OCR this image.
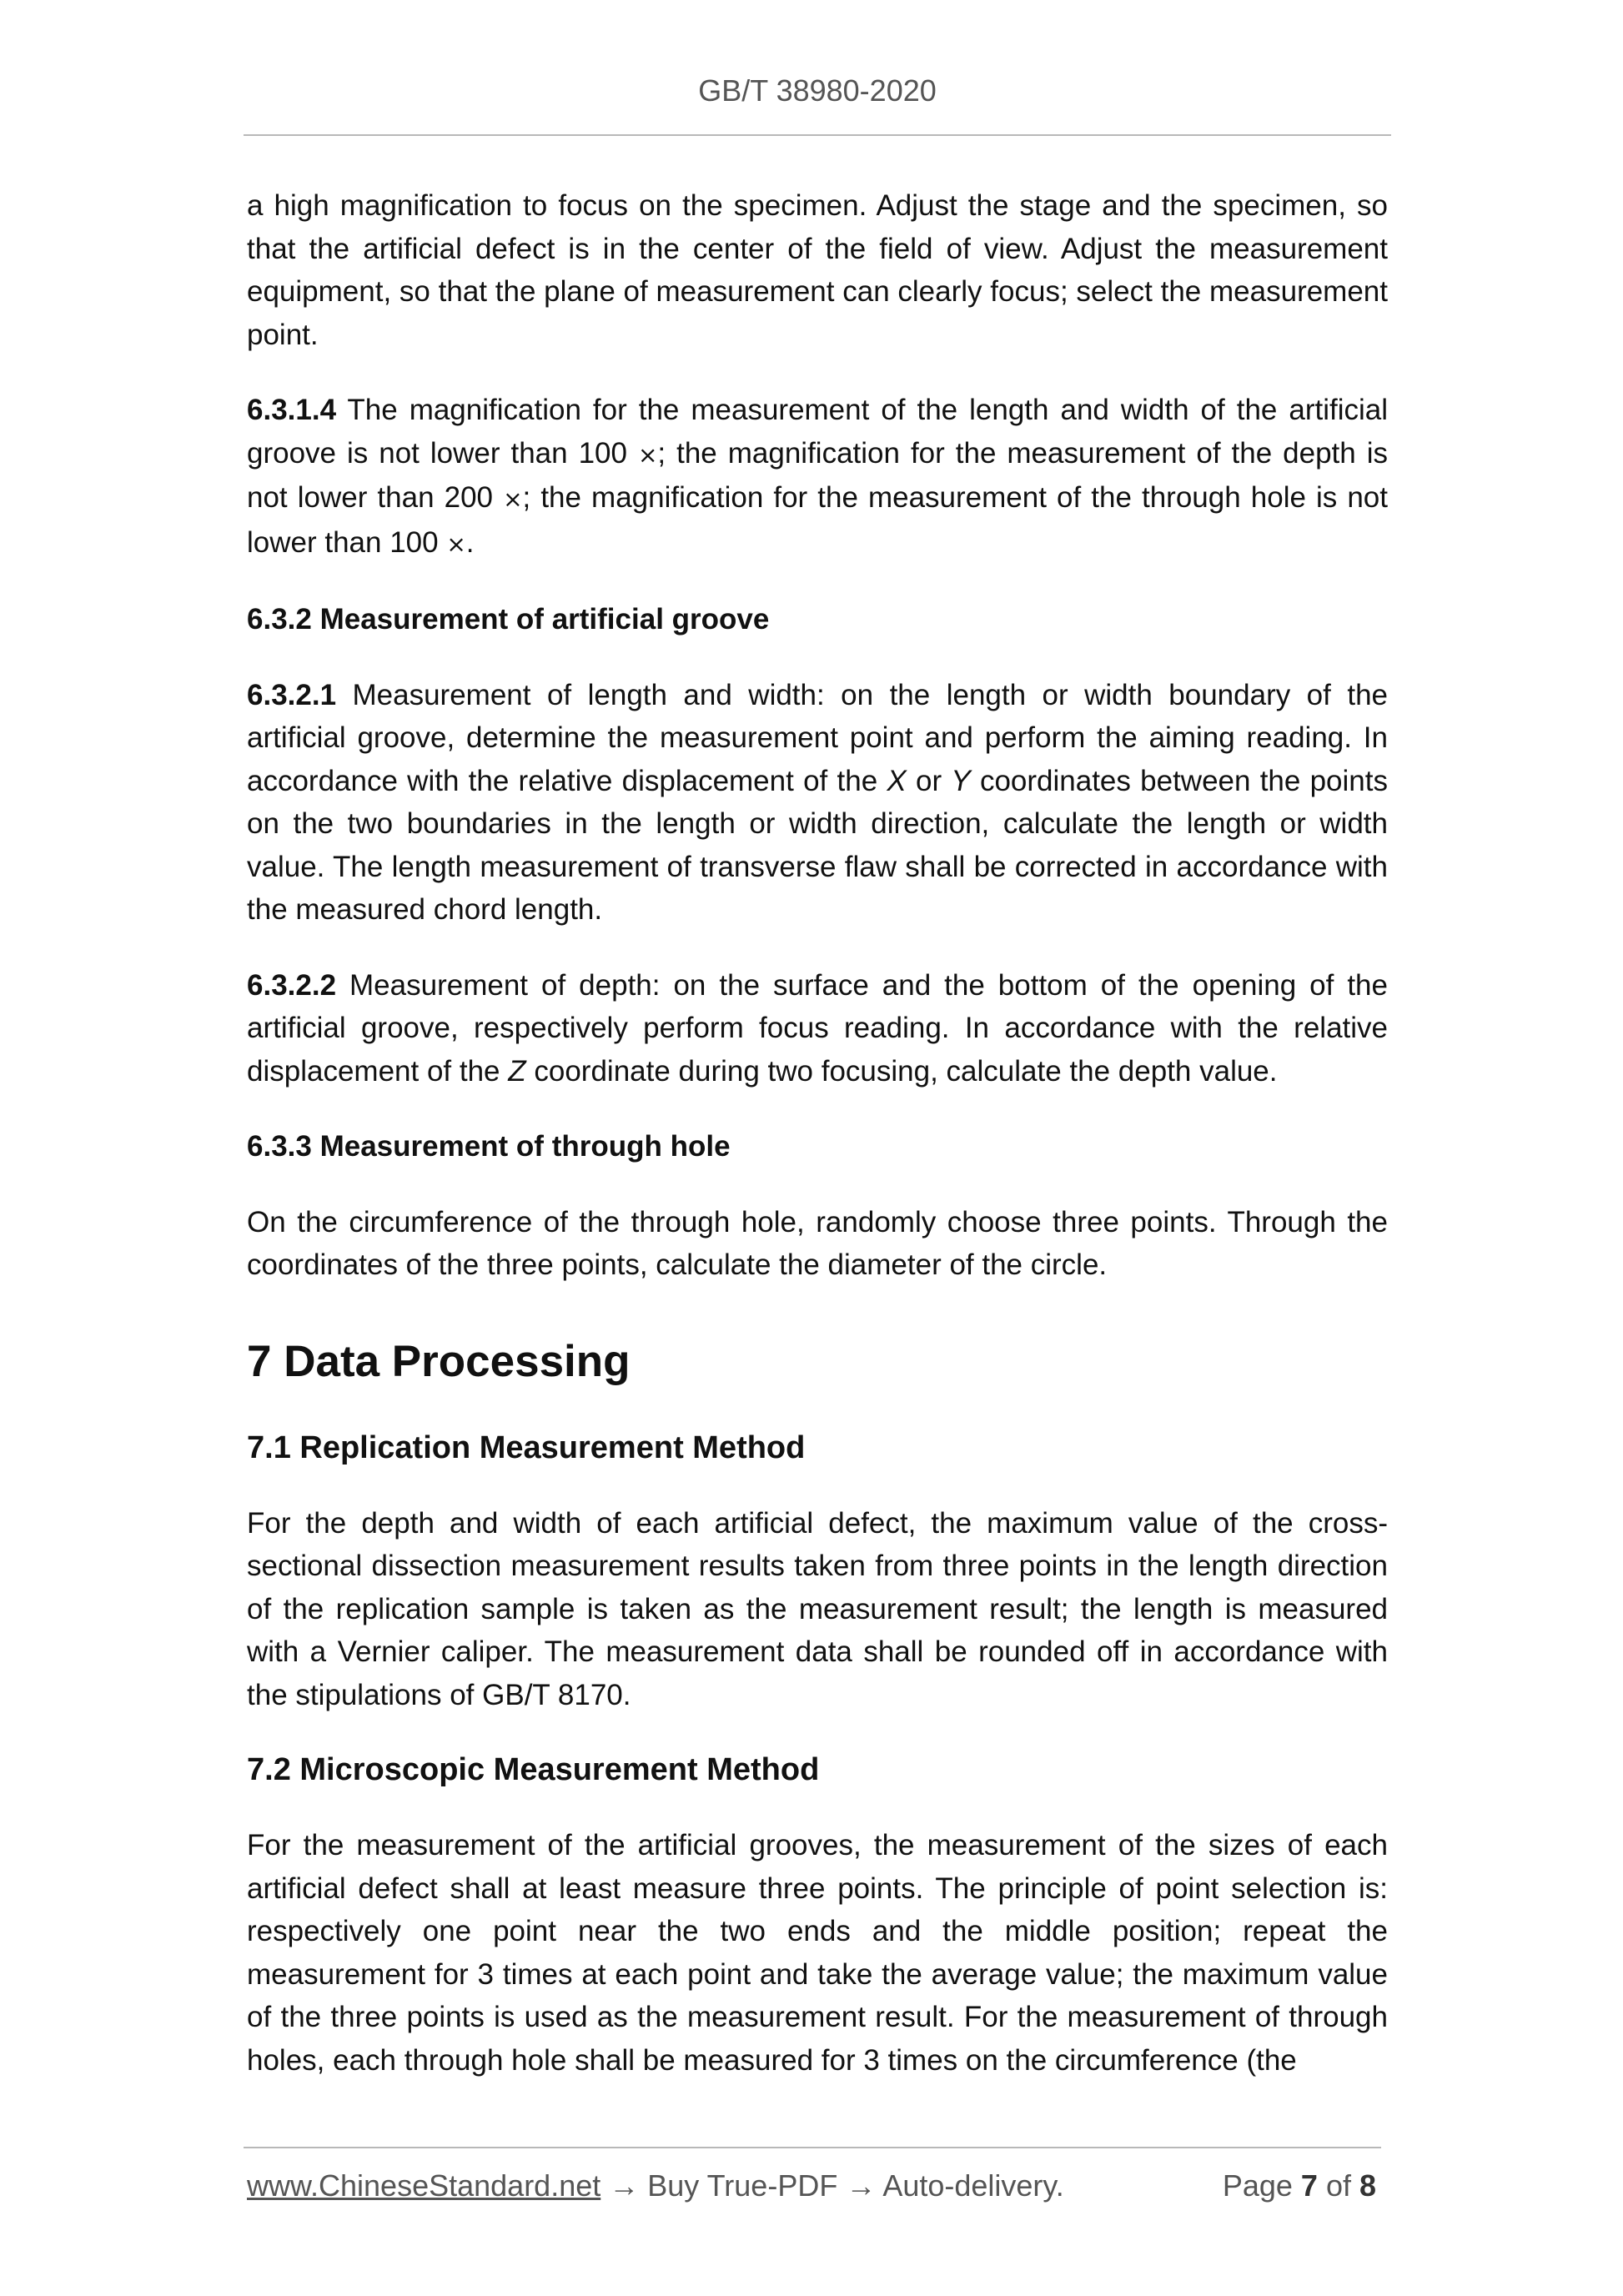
GB/T 38980-2020

a high magnification to focus on the specimen. Adjust the stage and the specimen, so that the artificial defect is in the center of the field of view. Adjust the measurement equipment, so that the plane of measurement can clearly focus; select the measurement point.

6.3.1.4 The magnification for the measurement of the length and width of the artificial groove is not lower than 100 ×; the magnification for the measurement of the depth is not lower than 200 ×; the magnification for the measurement of the through hole is not lower than 100 ×.

6.3.2 Measurement of artificial groove

6.3.2.1 Measurement of length and width: on the length or width boundary of the artificial groove, determine the measurement point and perform the aiming reading. In accordance with the relative displacement of the X or Y coordinates between the points on the two boundaries in the length or width direction, calculate the length or width value. The length measurement of transverse flaw shall be corrected in accordance with the measured chord length.

6.3.2.2 Measurement of depth: on the surface and the bottom of the opening of the artificial groove, respectively perform focus reading. In accordance with the relative displacement of the Z coordinate during two focusing, calculate the depth value.

6.3.3 Measurement of through hole

On the circumference of the through hole, randomly choose three points. Through the coordinates of the three points, calculate the diameter of the circle.

7 Data Processing
7.1 Replication Measurement Method

For the depth and width of each artificial defect, the maximum value of the cross-sectional dissection measurement results taken from three points in the length direction of the replication sample is taken as the measurement result; the length is measured with a Vernier caliper. The measurement data shall be rounded off in accordance with the stipulations of GB/T 8170.

7.2 Microscopic Measurement Method

For the measurement of the artificial grooves, the measurement of the sizes of each artificial defect shall at least measure three points. The principle of point selection is: respectively one point near the two ends and the middle position; repeat the measurement for 3 times at each point and take the average value; the maximum value of the three points is used as the measurement result. For the measurement of through holes, each through hole shall be measured for 3 times on the circumference (the

www.ChineseStandard.net → Buy True-PDF → Auto-delivery.	Page 7 of 8
